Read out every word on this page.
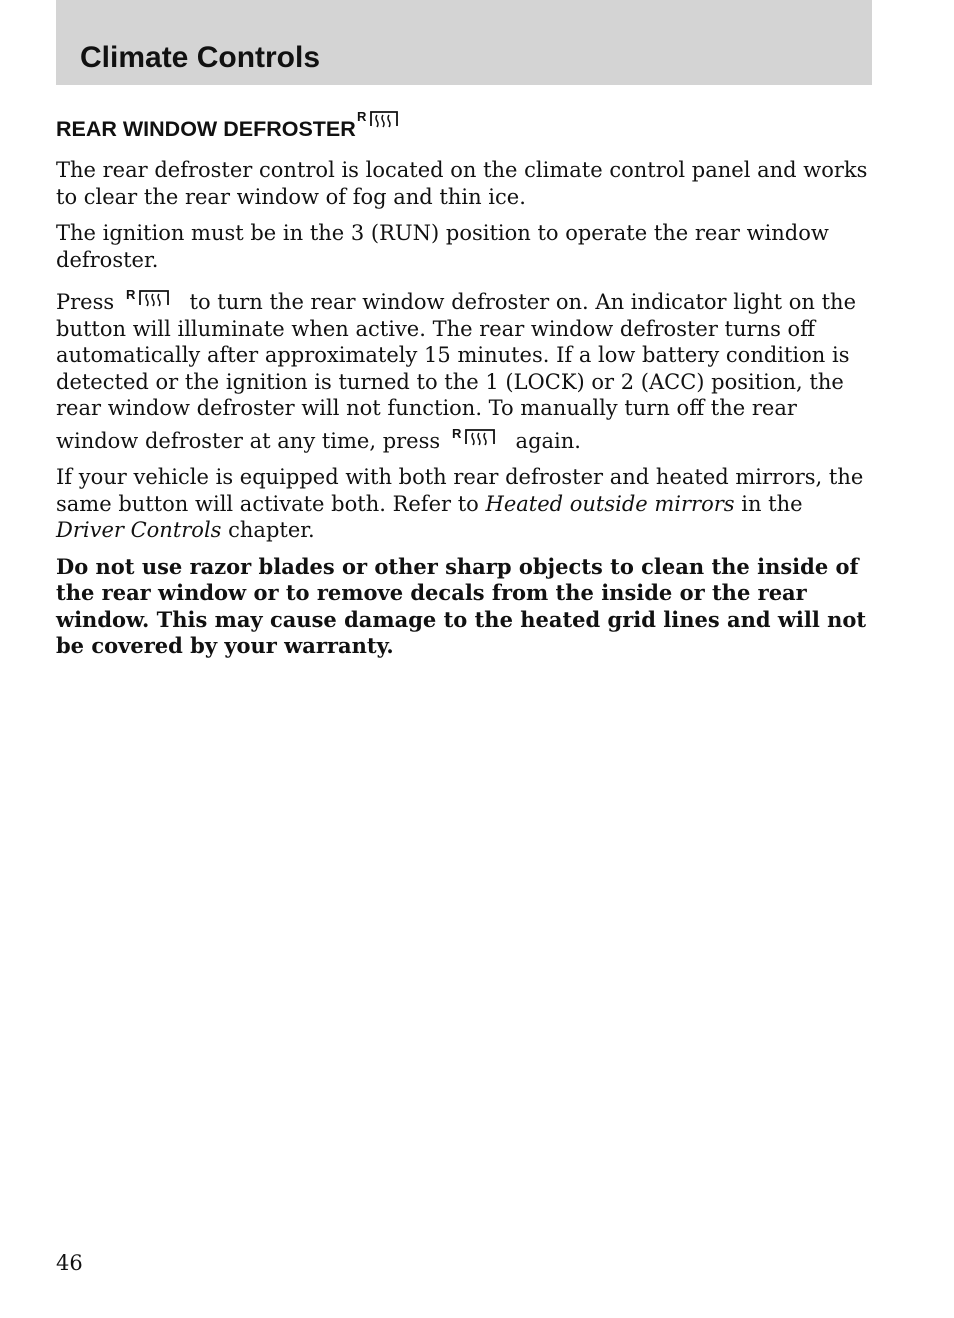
Climate Controls
REAR WINDOW DEFROSTER
R

The rear defroster control is located on the climate control panel and works to clear the rear window of fog and thin ice.

The ignition must be in the 3 (RUN) position to operate the rear window defroster.

Press R	to turn the rear window defroster on. An indicator light on the button will illuminate when active. The rear window defroster turns off automatically after approximately 15 minutes. If a low battery condition is detected or the ignition is turned to the 1 (LOCK) or 2 (ACC) position, the rear window defroster will not function. To manually turn off the rear window defroster at any time, press R	again.

If your vehicle is equipped with both rear defroster and heated mirrors, the same button will activate both. Refer to Heated outside mirrors in the Driver Controls chapter.

Do not use razor blades or other sharp objects to clean the inside of the rear window or to remove decals from the inside or the rear window. This may cause damage to the heated grid lines and will not be covered by your warranty.

46
